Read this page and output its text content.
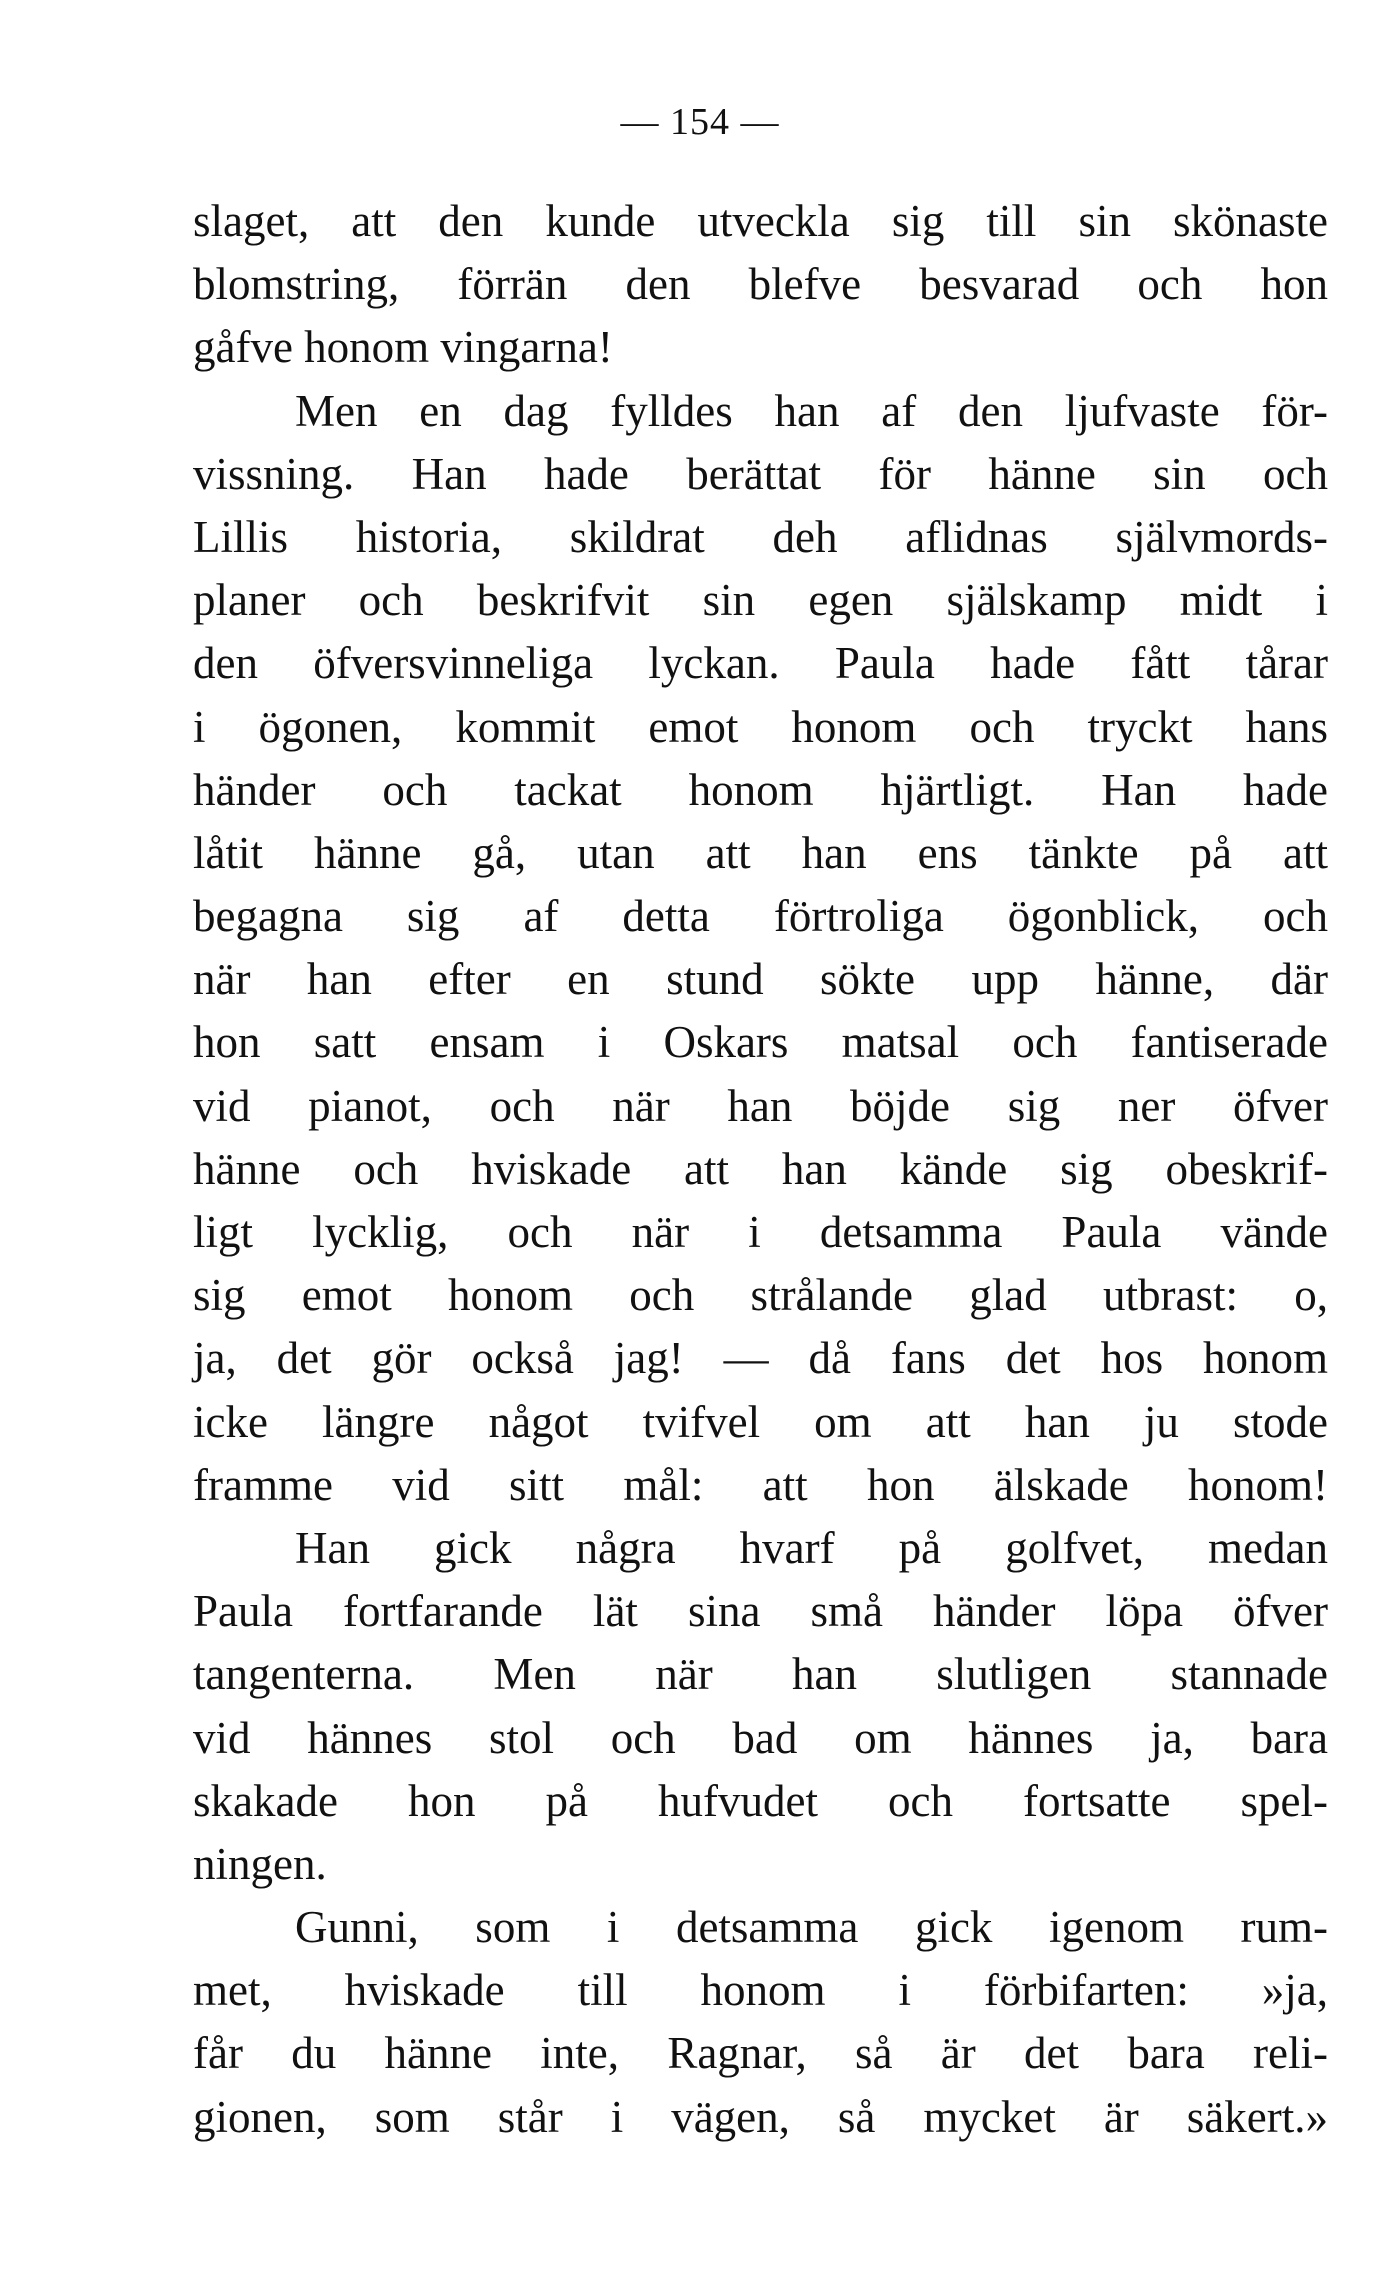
— 154 —
slaget, att den kunde utveckla sig till sin skönaste
blomstring, förrän den blefve besvarad och hon
gåfve honom vingarna!
Men en dag fylldes han af den ljufvaste för-
vissning. Han hade berättat för hänne sin och
Lillis historia, skildrat deh aflidnas självmords-
planer och beskrifvit sin egen själskamp midt i
den öfversvinneliga lyckan. Paula hade fått tårar
i ögonen, kommit emot honom och tryckt hans
händer och tackat honom hjärtligt. Han hade
låtit hänne gå, utan att han ens tänkte på att
begagna sig af detta förtroliga ögonblick, och
när han efter en stund sökte upp hänne, där
hon satt ensam i Oskars matsal och fantiserade
vid pianot, och när han böjde sig ner öfver
hänne och hviskade att han kände sig obeskrif-
ligt lycklig, och när i detsamma Paula vände
sig emot honom och strålande glad utbrast: o,
ja, det gör också jag! — då fans det hos honom
icke längre något tvifvel om att han ju stode
framme vid sitt mål: att hon älskade honom!
Han gick några hvarf på golfvet, medan
Paula fortfarande lät sina små händer löpa öfver
tangenterna. Men när han slutligen stannade
vid hännes stol och bad om hännes ja, bara
skakade hon på hufvudet och fortsatte spel-
ningen.
Gunni, som i detsamma gick igenom rum-
met, hviskade till honom i förbifarten: »ja,
får du hänne inte, Ragnar, så är det bara reli-
gionen, som står i vägen, så mycket är säkert.»
